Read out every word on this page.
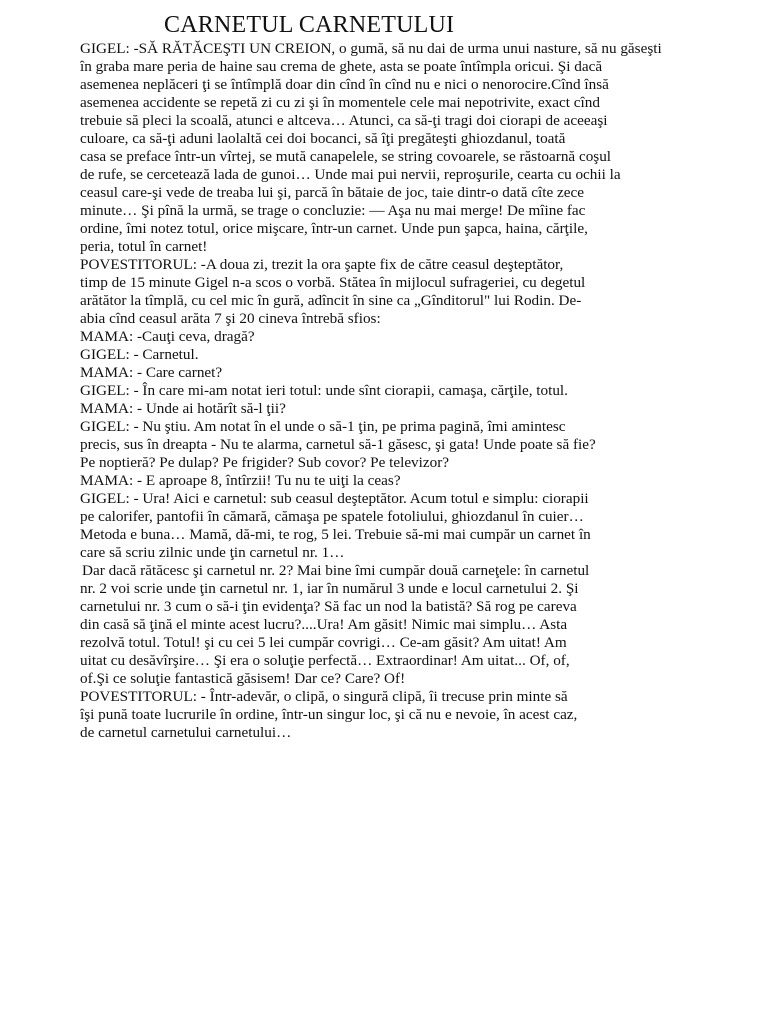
CARNETUL CARNETULUI
GIGEL: -SĂ RĂTĂCEŞTI UN CREION, o gumă, să nu dai de urma unui nasture, să nu găseşti
în graba mare peria de haine sau crema de ghete, asta se poate întîmpla oricui. Şi dacă
asemenea neplăceri ţi se întîmplă doar din cînd în cînd nu e nici o nenorocire.Cînd însă
asemenea accidente se repetă zi cu zi şi în momentele cele mai nepotrivite, exact cînd
trebuie să pleci la scoală, atunci e altceva… Atunci, ca să-ţi tragi doi ciorapi de aceeaşi
culoare, ca să-ţi aduni laolaltă cei doi bocanci, să îţi pregăteşti ghiozdanul, toată
casa se preface într-un vîrtej, se mută canapelele, se string covoarele, se răstoarnă coşul
de rufe, se cercetează lada de gunoi… Unde mai pui nervii, reproşurile, cearta cu ochii la
ceasul care-şi vede de treaba lui şi, parcă în bătaie de joc, taie dintr-o dată cîte zece
minute… Şi pînă la urmă, se trage o concluzie: — Aşa nu mai merge! De mîine fac
ordine, îmi notez totul, orice mişcare, într-un carnet. Unde pun şapca, haina, cărţile,
peria, totul în carnet!
POVESTITORUL: -A doua zi, trezit la ora şapte fix de către ceasul deşteptător,
timp de 15 minute Gigel n-a scos o vorbă. Stătea în mijlocul sufrageriei, cu degetul
arătător la tîmplă, cu cel mic în gură, adîncit în sine ca „Gînditorul" lui Rodin. De-
abia cînd ceasul arăta 7 şi 20 cineva întrebă sfios:
MAMA: -Cauţi ceva, dragă?
GIGEL: - Carnetul.
MAMA: - Care carnet?
GIGEL: - În care mi-am notat ieri totul: unde sînt ciorapii, camaşa, cărţile, totul.
MAMA: - Unde ai hotărît să-l ţii?
GIGEL: - Nu ştiu. Am notat în el unde o să-1 ţin, pe prima pagină, îmi amintesc
precis, sus în dreapta - Nu te alarma, carnetul să-1 găsesc, şi gata! Unde poate să fie?
Pe noptieră? Pe dulap? Pe frigider? Sub covor? Pe televizor?
MAMA: - E aproape 8, întîrzii! Tu nu te uiţi la ceas?
GIGEL: - Ura! Aici e carnetul: sub ceasul deşteptător. Acum totul e simplu: ciorapii
pe calorifer, pantofii în cămară, cămaşa pe spatele fotoliului, ghiozdanul în cuier…
Metoda e buna… Mamă, dă-mi, te rog, 5 lei. Trebuie să-mi mai cumpăr un carnet în
care să scriu zilnic unde ţin carnetul nr. 1…
Dar dacă rătăcesc şi carnetul nr. 2? Mai bine îmi cumpăr două carneţele: în carnetul
nr. 2 voi scrie unde ţin carnetul nr. 1, iar în numărul 3 unde e locul carnetului 2. Şi
carnetului nr. 3 cum o să-i ţin evidenţa? Să fac un nod la batistă? Să rog pe careva
din casă să ţină el minte acest lucru?....Ura! Am găsit! Nimic mai simplu… Asta
rezolvă totul. Totul! şi cu cei 5 lei cumpăr covrigi… Ce-am găsit? Am uitat! Am
uitat cu desăvîrşire… Şi era o soluţie perfectă… Extraordinar! Am uitat... Of, of,
of.Şi ce soluţie fantastică găsisem! Dar ce? Care? Of!
POVESTITORUL: - Într-adevăr, o clipă, o singură clipă, îi trecuse prin minte să
îşi pună toate lucrurile în ordine, într-un singur loc, şi că nu e nevoie, în acest caz,
de carnetul carnetului carnetului…
